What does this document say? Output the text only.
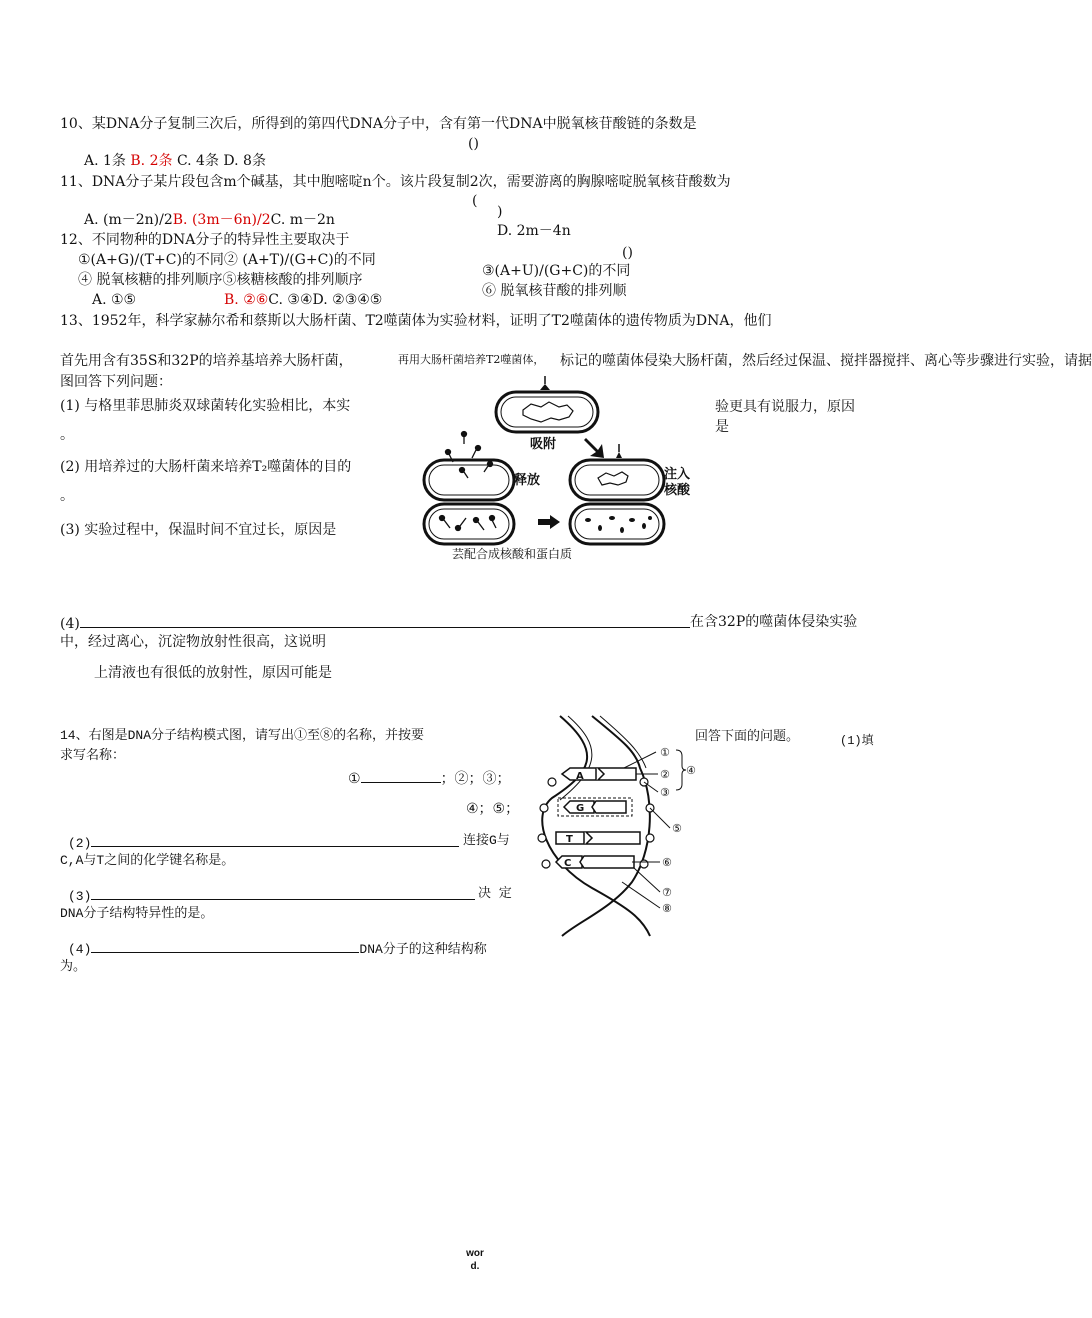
10、某DNA分子复制三次后，所得到的第四代DNA分子中，含有第一代DNA中脱氧核苷酸链的条数是
()
A. 1条 B. 2条 C. 4条 D. 8条
11、DNA分子某片段包含m个碱基，其中胞嘧啶n个。该片段复制2次，需要游离的胸腺嘧啶脱氧核苷酸数为
(
)
A. (m－2n)/2B. (3m－6n)/2C. m－2n
D. 2m－4n
12、不同物种的DNA分子的特异性主要取决于
()
①(A+G)/(T+C)的不同② (A+T)/(G+C)的不同
③(A+U)/(G+C)的不同
④ 脱氧核糖的排列顺序⑤核糖核酸的排列顺序
⑥ 脱氧核苷酸的排列顺
A. ①⑤	B. ②⑥C. ③④D. ②③④⑤
13、1952年，科学家赫尔希和蔡斯以大肠杆菌、T2噬菌体为实验材料，证明了T2噬菌体的遗传物质为DNA，他们
首先用含有35S和32P的培养基培养大肠杆菌，	再用大肠杆菌培养T2噬菌体， 标记的噬菌体侵染大肠杆菌，然后经过保温、搅拌器搅拌、离心等步骤进行实验，请据
图回答下列问题：
(1) 与格里菲思肺炎双球菌转化实验相比，本实	验更具有说服力，原因
是
。
(2) 用培养过的大肠杆菌来培养T₂噬菌体的目的
。
(3) 实验过程中，保温时间不宜过长，原因是
吸附
注入
核酸
释放
芸配合成核酸和蛋白质
(4)	在含32P的噬菌体侵染实验
中，经过离心，沉淀物放射性很高，这说明
上清液也有很低的放射性，原因可能是
14、右图是DNA分子结构模式图，请写出①至⑧的名称，并按要	回答下面的问题。	(1)填
求写名称：
①	；②；③；
④；⑤；
(2)	连接G与
C,A与T之间的化学键名称是。
(3)	决 定
DNA分子结构特异性的是。
(4)	DNA分子的这种结构称
为。
A
G
T
C
①
②
③
④
⑤
⑥
⑦
⑧
wor
d.
